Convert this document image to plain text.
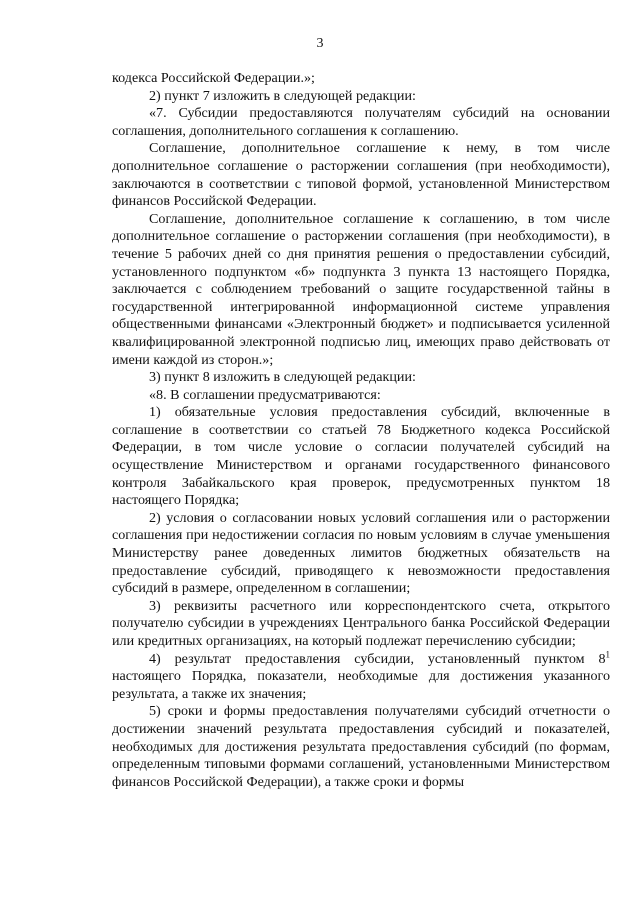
3

кодекса Российской Федерации.»;

2) пункт 7 изложить в следующей редакции:

«7. Субсидии предоставляются получателям субсидий на основании соглашения, дополнительного соглашения к соглашению.

Соглашение, дополнительное соглашение к нему, в том числе дополнительное соглашение о расторжении соглашения (при необходимости), заключаются в соответствии с типовой формой, установленной Министерством финансов Российской Федерации.

Соглашение, дополнительное соглашение к соглашению, в том числе дополнительное соглашение о расторжении соглашения (при необходимости), в течение 5 рабочих дней со дня принятия решения о предоставлении субсидий, установленного подпунктом «б» подпункта 3 пункта 13 настоящего Порядка, заключается с соблюдением требований о защите государственной тайны в государственной интегрированной информационной системе управления общественными финансами «Электронный бюджет» и подписывается усиленной квалифицированной электронной подписью лиц, имеющих право действовать от имени каждой из сторон.»;

3) пункт 8 изложить в следующей редакции:

«8. В соглашении предусматриваются:

1) обязательные условия предоставления субсидий, включенные в соглашение в соответствии со статьей 78 Бюджетного кодекса Российской Федерации, в том числе условие о согласии получателей субсидий на осуществление Министерством и органами государственного финансового контроля Забайкальского края проверок, предусмотренных пунктом 18 настоящего Порядка;

2) условия о согласовании новых условий соглашения или о расторжении соглашения при недостижении согласия по новым условиям в случае уменьшения Министерству ранее доведенных лимитов бюджетных обязательств на предоставление субсидий, приводящего к невозможности предоставления субсидий в размере, определенном в соглашении;

3) реквизиты расчетного или корреспондентского счета, открытого получателю субсидии в учреждениях Центрального банка Российской Федерации или кредитных организациях, на который подлежат перечислению субсидии;

4) результат предоставления субсидии, установленный пунктом $8^1$ настоящего Порядка, показатели, необходимые для достижения указанного результата, а также их значения;

5) сроки и формы предоставления получателями субсидий отчетности о достижении значений результата предоставления субсидий и показателей, необходимых для достижения результата предоставления субсидий (по формам, определенным типовыми формами соглашений, установленными Министерством финансов Российской Федерации), а также сроки и формы
